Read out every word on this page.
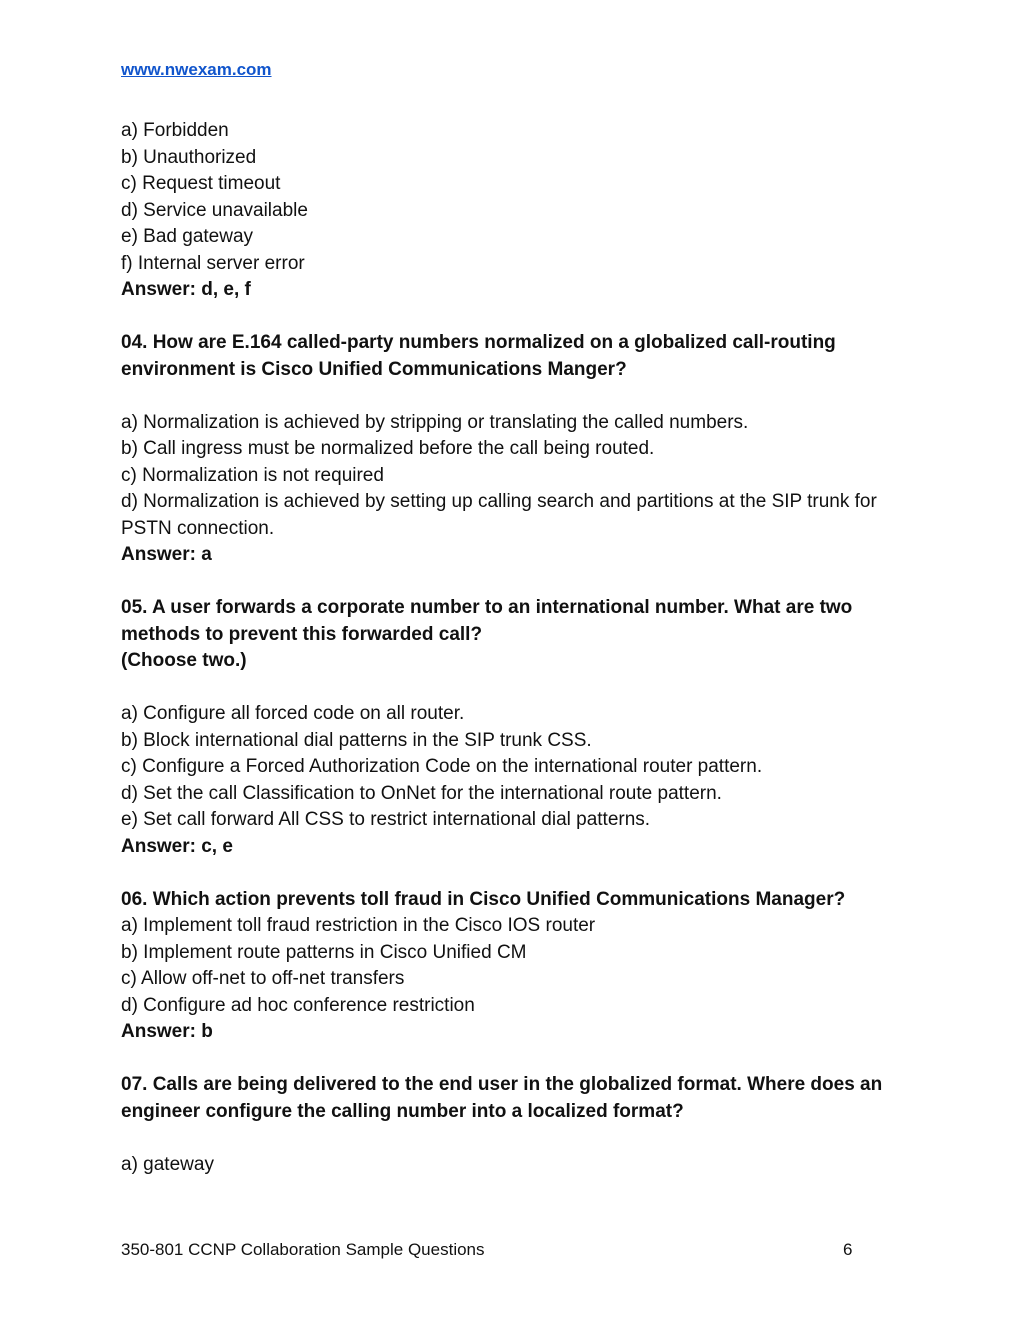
www.nwexam.com

a) Forbidden

b) Unauthorized

c) Request timeout

d) Service unavailable

e) Bad gateway

f) Internal server error

Answer: d, e, f

04. How are E.164 called-party numbers normalized on a globalized call-routing environment is Cisco Unified Communications Manger?

a) Normalization is achieved by stripping or translating the called numbers.

b) Call ingress must be normalized before the call being routed.

c) Normalization is not required

d) Normalization is achieved by setting up calling search and partitions at the SIP trunk for PSTN connection.

Answer: a

05. A user forwards a corporate number to an international number. What are two methods to prevent this forwarded call?

(Choose two.)

a) Configure all forced code on all router.

b) Block international dial patterns in the SIP trunk CSS.

c) Configure a Forced Authorization Code on the international router pattern.

d) Set the call Classification to OnNet for the international route pattern.

e) Set call forward All CSS to restrict international dial patterns.

Answer: c, e

06. Which action prevents toll fraud in Cisco Unified Communications Manager?

a) Implement toll fraud restriction in the Cisco IOS router

b) Implement route patterns in Cisco Unified CM

c) Allow off-net to off-net transfers

d) Configure ad hoc conference restriction

Answer: b

07. Calls are being delivered to the end user in the globalized format. Where does an engineer configure the calling number into a localized format?

a) gateway

350-801 CCNP Collaboration Sample Questions	6
